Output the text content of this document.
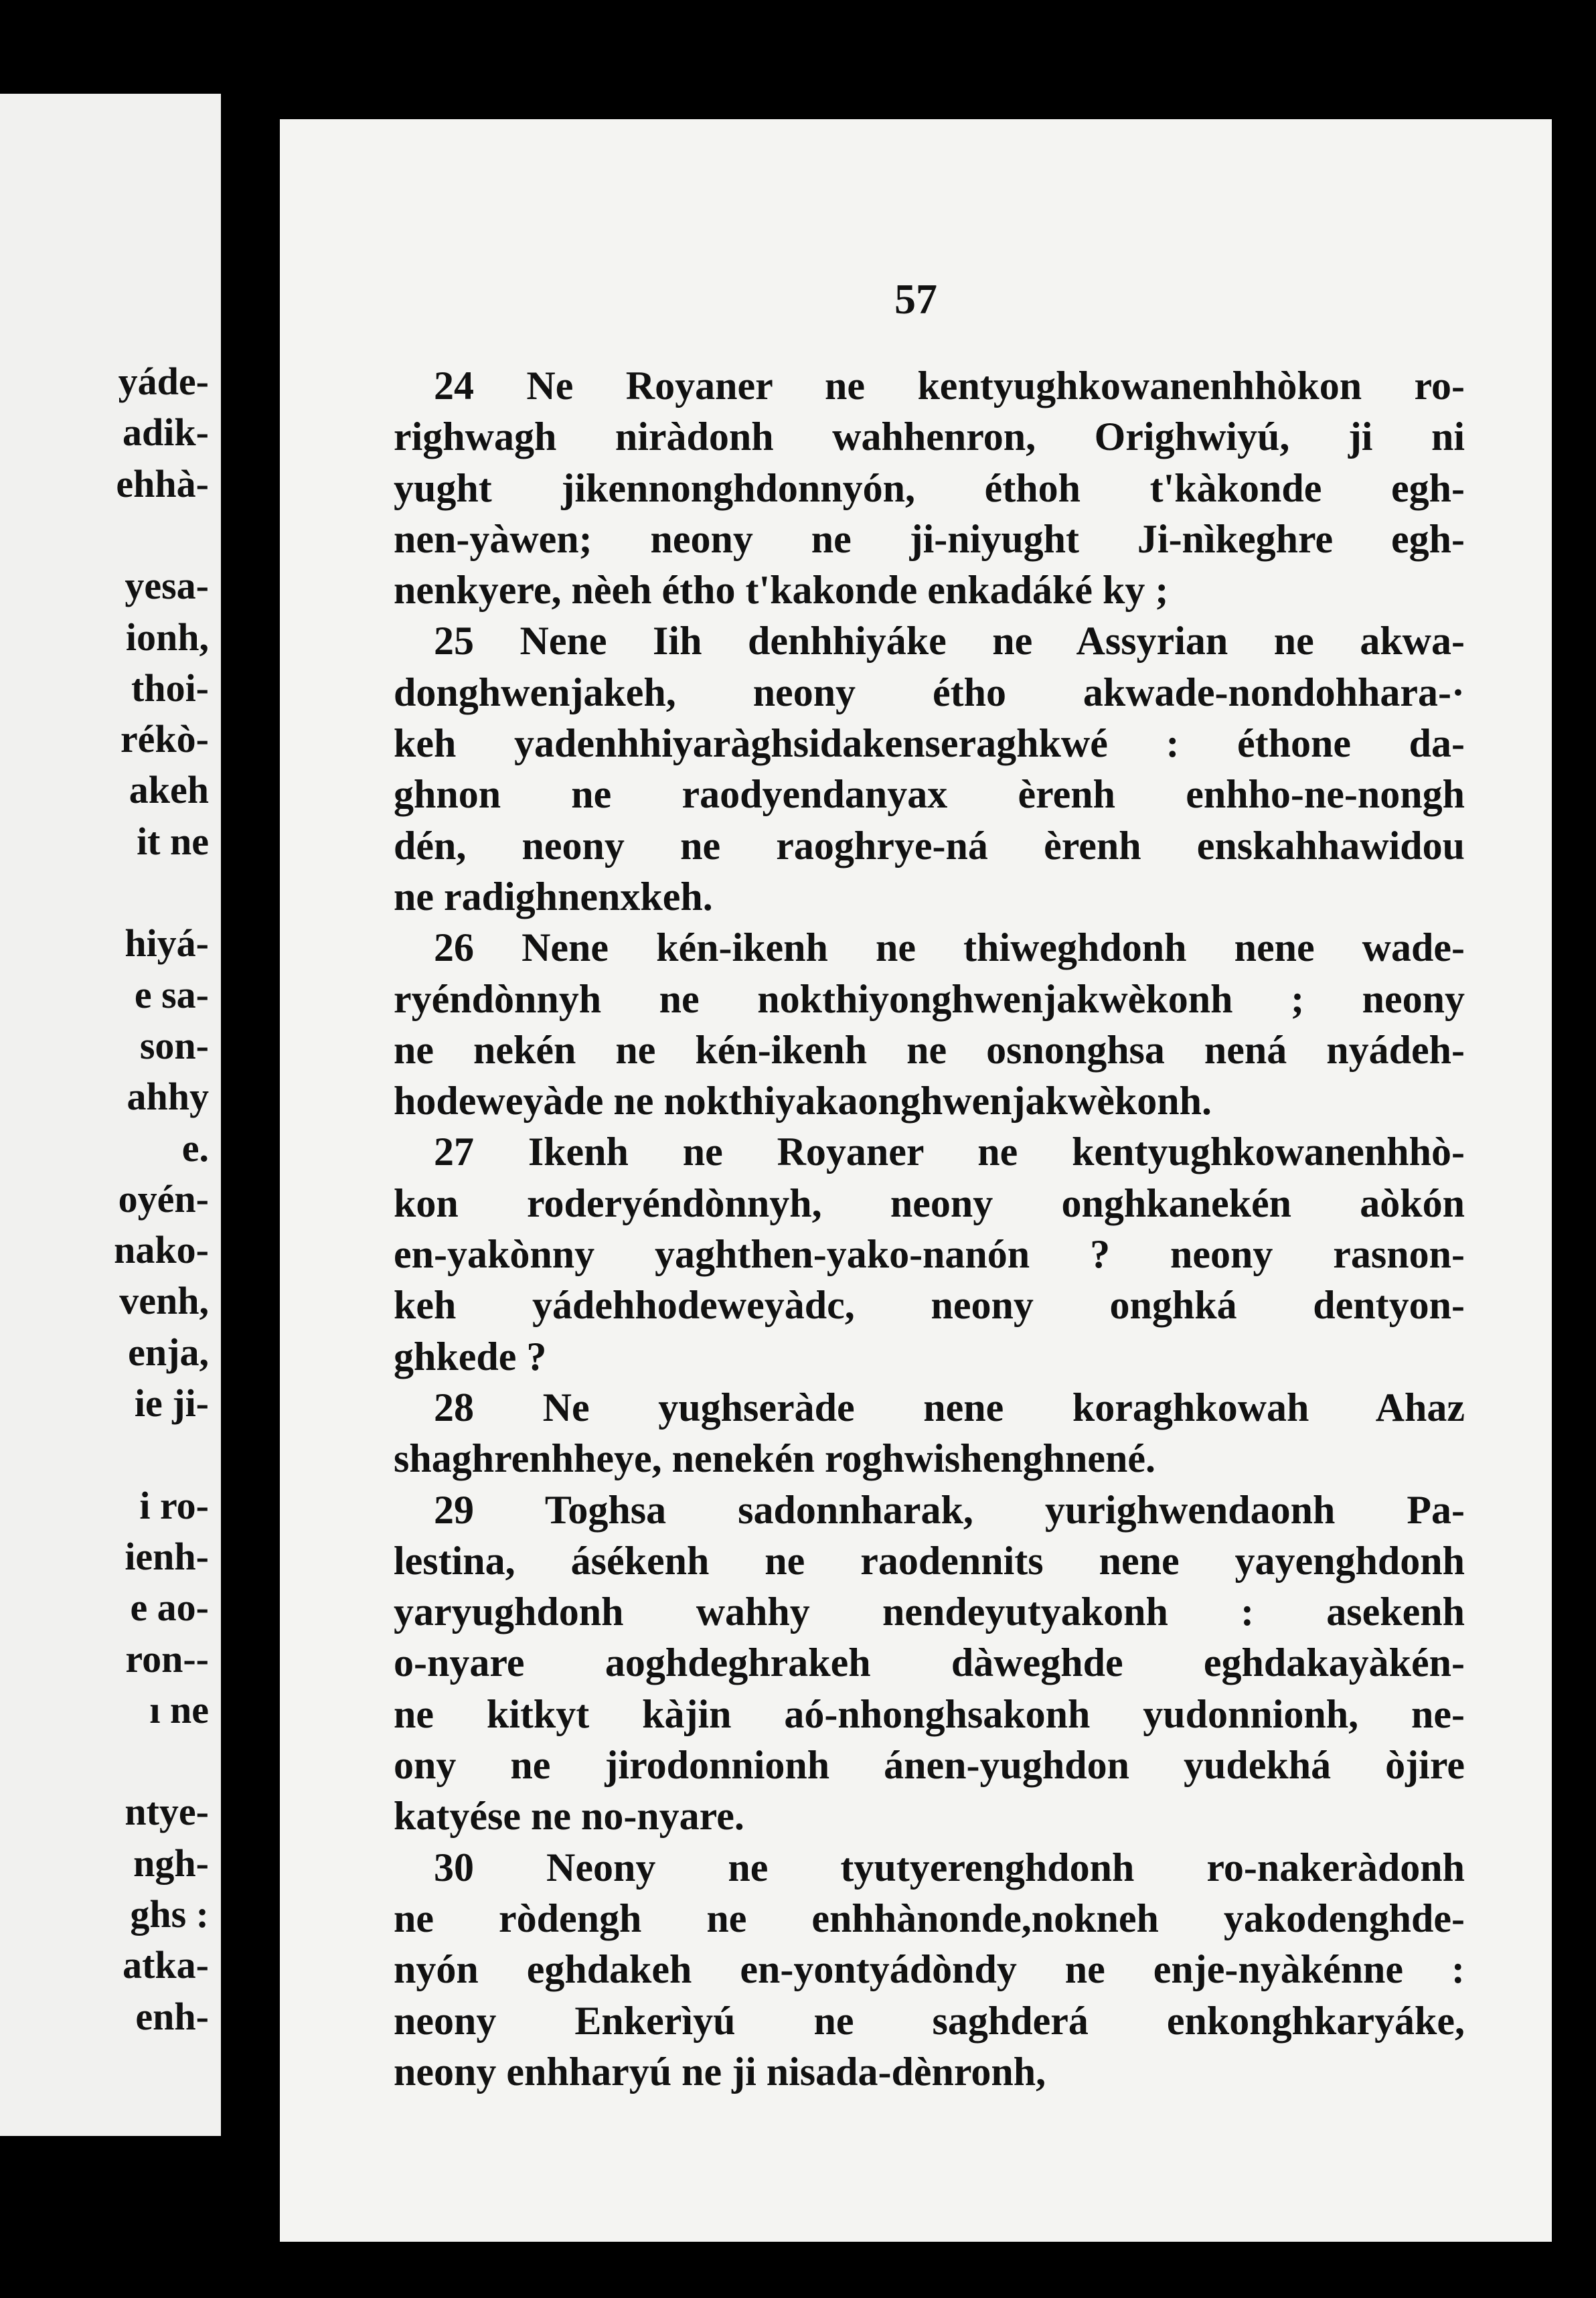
yáde-
adik-
ehhà-
yesa-
ionh,
thoi-
rékò-
akeh
it ne
hiyá-
e sa-
son-
ahhy
e.
oyén-
nako-
venh,
enja,
ie ji-
i ro-
ienh-
e ao-
ron--
ı ne
ntye-
ngh-
ghs :
atka-
enh-
57
24 Ne Royaner ne kentyughkowanenhhòkon ro-
righwagh niràdonh wahhenron, Orighwiyú, ji ni
yught jikennonghdonnyón, éthoh t'kàkonde egh-
nen-yàwen; neony ne ji-niyught Ji-nìkeghre egh-
nenkyere, nèeh étho t'kakonde enkadáké ky ;
25 Nene Iih denhhiyáke ne Assyrian ne akwa-
donghwenjakeh, neony étho akwade-nondohhara-·
keh yadenhhiyaràghsidakenseraghkwé : éthone da-
ghnon ne raodyendanyax èrenh enhho-ne-nongh
dén, neony ne raoghrye-ná èrenh enskahhawidou
ne radighnenxkeh.
26 Nene kén-ikenh ne thiweghdonh nene wade-
ryéndònnyh ne nokthiyonghwenjakwèkonh ; neony
ne nekén ne kén-ikenh ne osnonghsa nená nyádeh-
hodeweyàde ne nokthiyakaonghwenjakwèkonh.
27 Ikenh ne Royaner ne kentyughkowanenhhò-
kon roderyéndònnyh, neony onghkanekén aòkón
en-yakònny yaghthen-yako-nanón ? neony rasnon-
keh yádehhodeweyàdc, neony onghká dentyon-
ghkede ?
28 Ne yughseràde nene koraghkowah Ahaz
shaghrenhheye, nenekén roghwishenghnené.
29 Toghsa sadonnharak, yurighwendaonh Pa-
lestina, ásékenh ne raodennits nene yayenghdonh
yaryughdonh wahhy nendeyutyakonh : asekenh
o-nyare aoghdeghrakeh dàweghde eghdakayàkén-
ne kitkyt kàjin aó-nhonghsakonh yudonnionh, ne-
ony ne jirodonnionh ánen-yughdon yudekhá òjire
katyése ne no-nyare.
30 Neony ne tyutyerenghdonh ro-nakeràdonh
ne ròdengh ne enhhànonde,nokneh yakodenghde-
nyón eghdakeh en-yontyádòndy ne enje-nyàkénne :
neony Enkerìyú ne saghderá enkonghkaryáke,
neony enhharyú ne ji nisada-dènronh,
